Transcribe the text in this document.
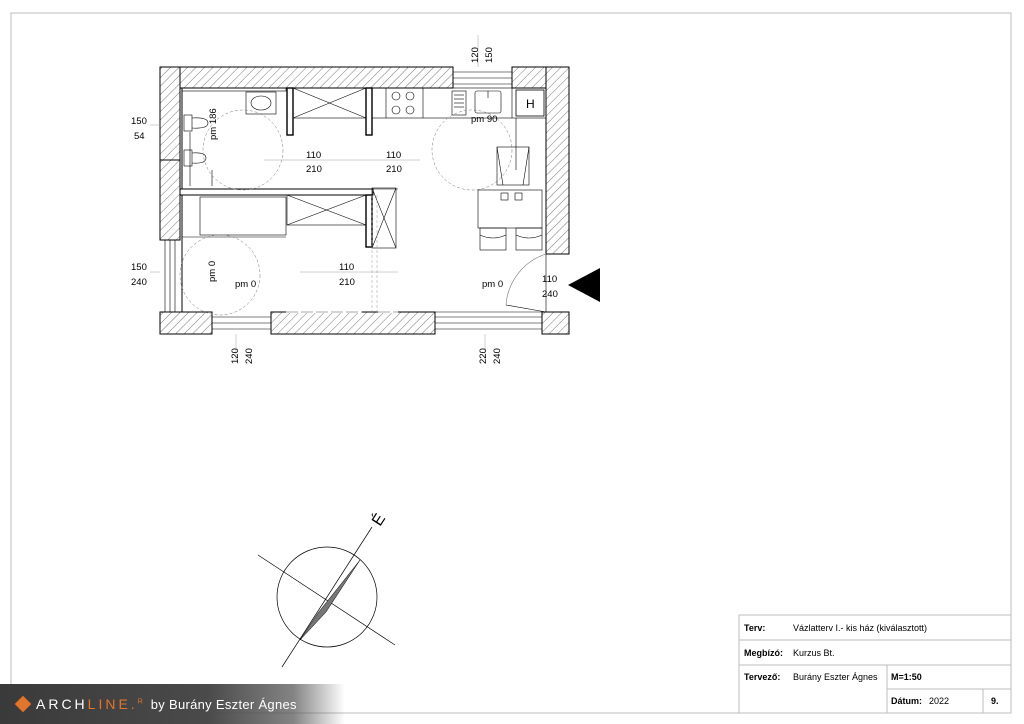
120 150
120 240	220 240
150
54
150
240
110
210
110
210
110
210	110
240
pm 186	pm 90
pm 0
pm 0	pm 0
H
É
Terv:	Vázlatterv I.- kis ház (kiválasztott)
Megbízó: Kurzus Bt.
Tervező: Burány Eszter Ágnes M=1:50
Dátum: 2022	9.
ARCHLINE.$^R$ by Burány Eszter Ágnes
